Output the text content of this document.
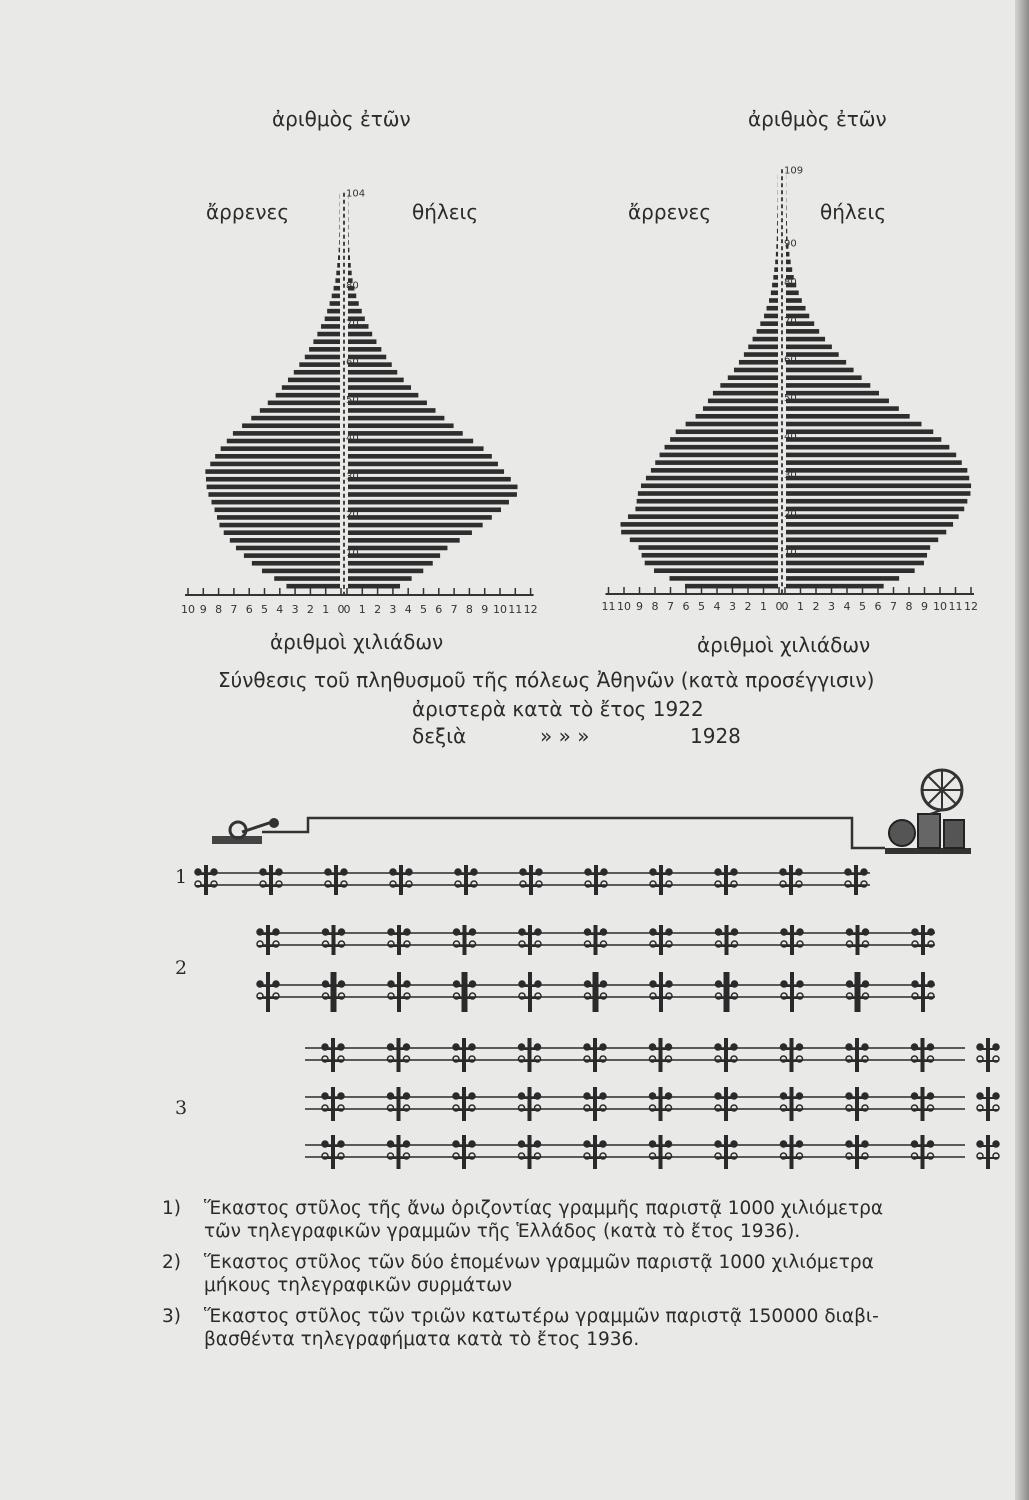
ἀριθμὸς ἐτῶν
ἄρρενες	θήλεις
ἀριθμοὶ χιλιάδων
ἀριθμὸς ἐτῶν
ἄρρενες	θήλεις
ἀριθμοὶ χιλιάδων
Σύνθεσις τοῦ πληθυσμοῦ τῆς πόλεως Ἀθηνῶν (κατὰ προσέγγισιν)
ἀριστερὰ κατὰ τὸ ἔτος 1922
δεξιὰ	» » »	1928
1
2
3
1) Ἕκαστος στῦλος τῆς ἄνω ὁριζοντίας γραμμῆς παριστᾷ 1000 χιλιόμετρα
τῶν τηλεγραφικῶν γραμμῶν τῆς Ἑλλάδος (κατὰ τὸ ἔτος 1936).
2) Ἕκαστος στῦλος τῶν δύο ἑπομένων γραμμῶν παριστᾷ 1000 χιλιόμετρα
μήκους τηλεγραφικῶν συρμάτων
3) Ἕκαστος στῦλος τῶν τριῶν κατωτέρω γραμμῶν παριστᾷ 150000 διαβι-
βασθέντα τηλεγραφήματα κατὰ τὸ ἔτος 1936.
10
20
30
40
50
60
70
80
104
10 9 8 7 6 5 4 3 2 1 0 0 1 2 3 4 5 6 7 8 9 10 11 12
10
20
30
40
50
60
70
80
90
109
11 10 9 8 7 6 5 4 3 2 1 0 0 1 2 3 4 5 6 7 8 9 10 11 12
